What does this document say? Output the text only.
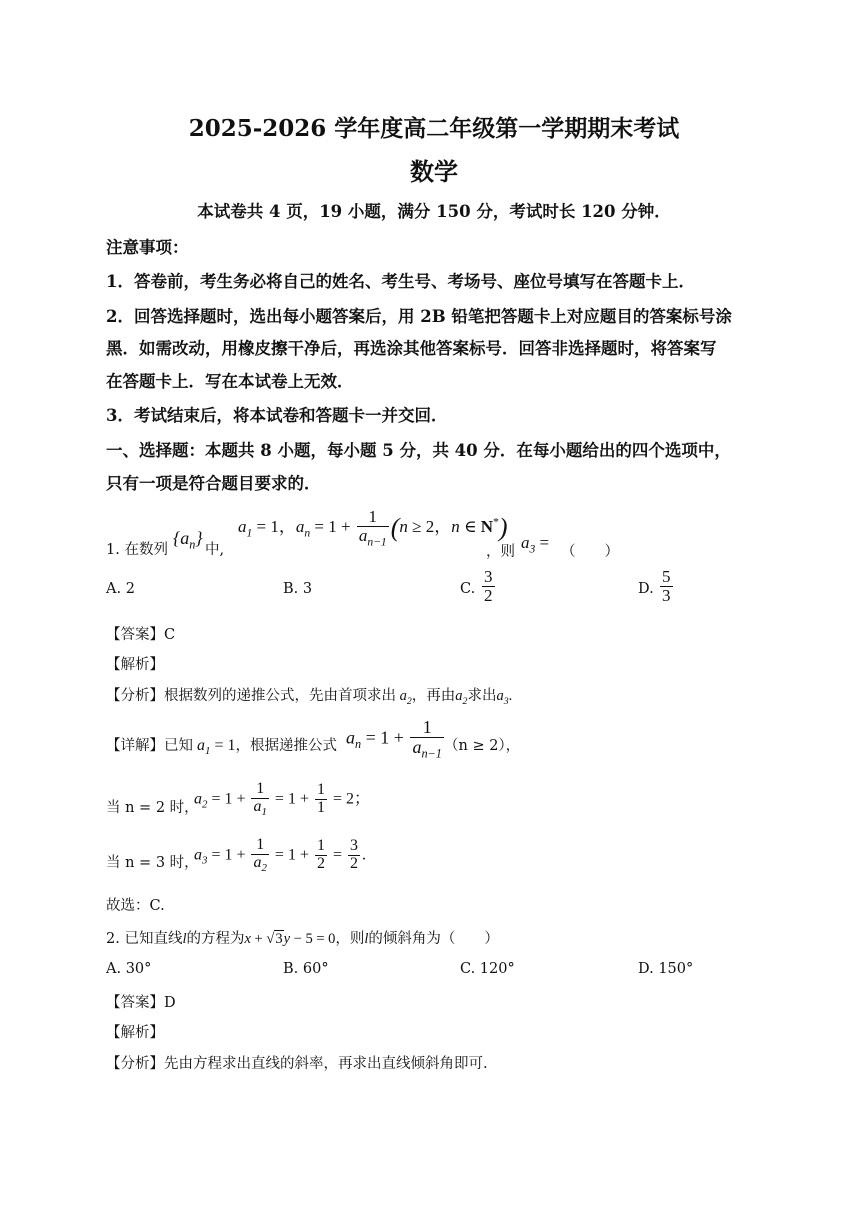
2025-2026 学年度高二年级第一学期期末考试
数学
本试卷共 4 页，19 小题，满分 150 分，考试时长 120 分钟．
注意事项：
1．答卷前，考生务必将自己的姓名、考生号、考场号、座位号填写在答题卡上．
2．回答选择题时，选出每小题答案后，用 2B 铅笔把答题卡上对应题目的答案标号涂
黑．如需改动，用橡皮擦干净后，再选涂其他答案标号．回答非选择题时，将答案写
在答题卡上．写在本试卷上无效．
3．考试结束后，将本试卷和答题卡一并交回．
一、选择题：本题共 8 小题，每小题 5 分，共 40 分．在每小题给出的四个选项中，
只有一项是符合题目要求的．
1. 在数列
$\{a_n\}$
中,
$a_1 = 1$，$a_n = 1 + \frac{1}{a_{n-1}} (n \ge 2$，n ∈ N*)
，则 $a_3$ = （　　）
A. 2	B. 3	C. $\frac{3}{2}$	D. $\frac{5}{3}$
【答案】C
【解析】
【分析】根据数列的递推公式，先由首项求出 $a_2$，再由$a_2$求出$a_3$.
【详解】已知 $a_1 = 1$，根据递推公式 $a_n = 1 + \frac{1}{a_{n-1}} (n \ge 2)$，
当 n = 2 时，
$a_2 = 1 + \frac{1}{a_1} = 1 + \frac{1}{1} = 2$；
当 n = 3 时，
$a_3 = 1 + \frac{1}{a_2} = 1 + \frac{1}{2} = \frac{3}{2}$ .
故选：C.
2. 已知直线l的方程为x + √3y − 5 = 0，则l的倾斜角为（　　）
A. 30°	B. 60°	C. 120°	D. 150°
【答案】D
【解析】
【分析】先由方程求出直线的斜率，再求出直线倾斜角即可.
